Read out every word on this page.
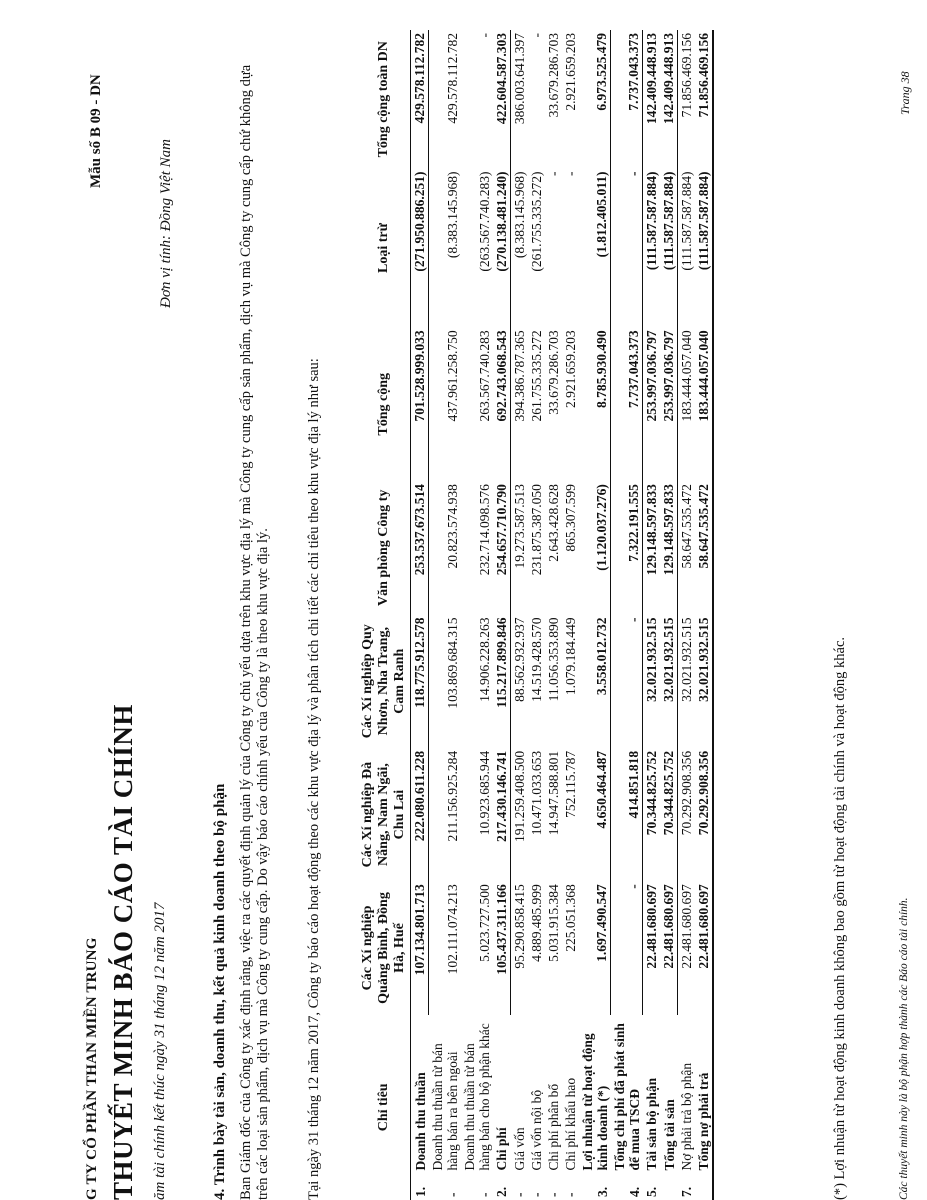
G TY CỔ PHẦN THAN MIỀN TRUNG THUYẾT MINH BÁO CÁO TÀI CHÍNH ăm tài chính kết thúc ngày 31 tháng 12 năm 2017
Mẫu số B 09 - DN
Đơn vị tính: Đồng Việt Nam
4. Trình bày tài sản, doanh thu, kết quả kinh doanh theo bộ phận Ban Giám đốc của Công ty xác định rằng, việc ra các quyết định quản lý của Công ty chủ yếu dựa trên khu vực địa lý mà Công ty cung cấp sản phẩm, dịch vụ mà Công ty cung cấp chứ không dựa trên các loại sản phẩm, dịch vụ mà Công ty cung cấp. Do vậy báo cáo chính yếu của Công ty là theo khu vực địa lý. Tại ngày 31 tháng 12 năm 2017, Công ty báo cáo hoạt động theo các khu vực địa lý và phân tích chi tiết các chỉ tiêu theo khu vực địa lý như sau:	Chỉ tiêu		Các Xí nghiệp Quảng Bình, Đồng Hà, Huế	Các Xí nghiệp Đà Nẵng, Nam Ngãi, Chu Lai	Các Xí nghiệp Quy Nhơn, Nha Trang, Cam Ranh	Văn phòng Công ty	Tổng cộng	Loại trừ	Tổng cộng toàn DN
1.	Doanh thu thuần	107.134.801.713	222.080.611.228	118.775.912.578	253.537.673.514	701.528.999.033	(271.950.886.251)	429.578.112.782
-	Doanh thu thuần từ bán hàng bán ra bên ngoài	102.111.074.213	211.156.925.284	103.869.684.315	20.823.574.938	437.961.258.750	(8.383.145.968)	429.578.112.782
-	Doanh thu thuần từ bán hàng bán cho bộ phận khác	5.023.727.500	10.923.685.944	14.906.228.263	232.714.098.576	263.567.740.283	(263.567.740.283)	-
2.	Chi phí	105.437.311.166	217.430.146.741	115.217.899.846	254.657.710.790	692.743.068.543	(270.138.481.240)	422.604.587.303
-	Giá vốn	95.290.858.415	191.259.408.500	88.562.932.937	19.273.587.513	394.386.787.365	(8.383.145.968)	386.003.641.397
-	Giá vốn nội bộ	4.889.485.999	10.471.033.653	14.519.428.570	231.875.387.050	261.755.335.272	(261.755.335.272)	-
-	Chi phí phân bổ	5.031.915.384	14.947.588.801	11.056.353.890	2.643.428.628	33.679.286.703	-	33.679.286.703
-	Chi phí khấu hao	225.051.368	752.115.787	1.079.184.449	865.307.599	2.921.659.203	-	2.921.659.203
3.	Lợi nhuận từ hoạt động kinh doanh (*)	1.697.490.547	4.650.464.487	3.558.012.732	(1.120.037.276)	8.785.930.490	(1.812.405.011)	6.973.525.479
4.	Tổng chi phí đã phát sinh để mua TSCĐ	-	414.851.818	-	7.322.191.555	7.737.043.373	-	7.737.043.373
5.	Tài sản bộ phận	22.481.680.697	70.344.825.752	32.021.932.515	129.148.597.833	253.997.036.797	(111.587.587.884)	142.409.448.913
	Tổng tài sản	22.481.680.697	70.344.825.752	32.021.932.515	129.148.597.833	253.997.036.797	(111.587.587.884)	142.409.448.913
7.	Nợ phải trả bộ phận	22.481.680.697	70.292.908.356	32.021.932.515	58.647.535.472	183.444.057.040	(111.587.587.884)	71.856.469.156
	Tổng nợ phải trả	22.481.680.697	70.292.908.356	32.021.932.515	58.647.535.472	183.444.057.040	(111.587.587.884)	71.856.469.156
(*) Lợi nhuận từ hoạt động kinh doanh không bao gồm từ hoạt động tài chính và hoạt động khác.	Các thuyết minh này là bộ phận hợp thành các Báo cáo tài chính.
Trang 38
